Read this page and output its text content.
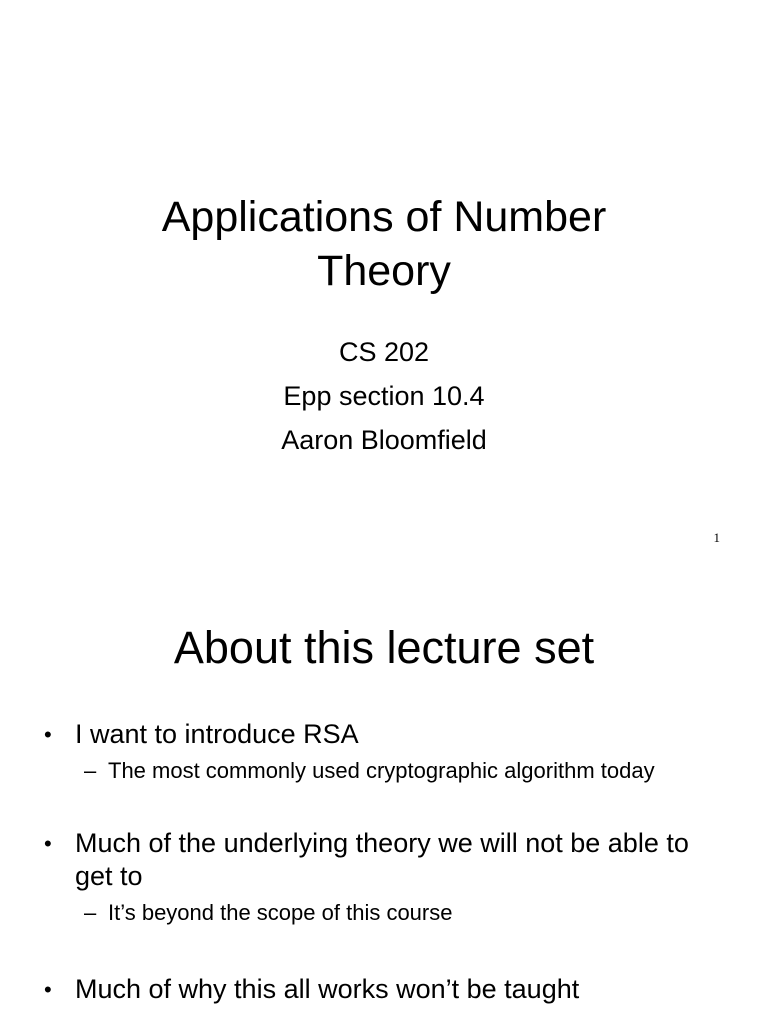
Applications of Number
Theory
CS 202
Epp section 10.4
Aaron Bloomfield
1
About this lecture set
• I want to introduce RSA
– The most commonly used cryptographic algorithm today
• Much of the underlying theory we will not be able to get to
– It’s beyond the scope of this course
• Much of why this all works won’t be taught
